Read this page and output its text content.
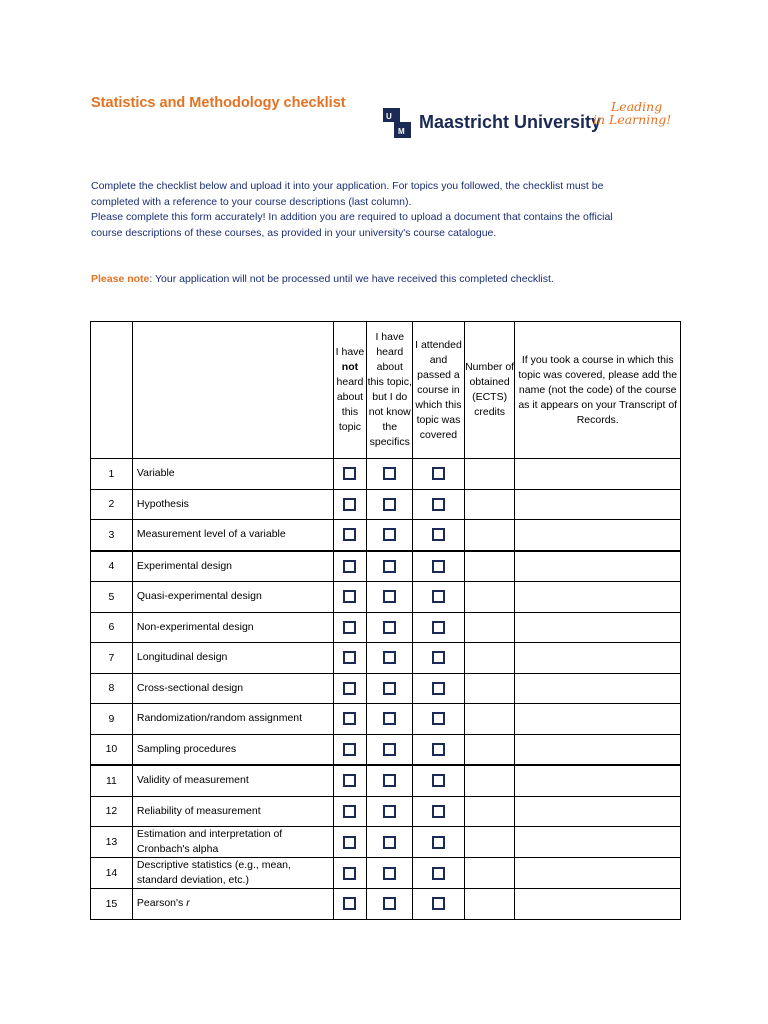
Statistics and Methodology checklist
U
M Maastricht University
Leading
in Learning!

Complete the checklist below and upload it into your application. For topics you followed, the checklist must be

completed with a reference to your course descriptions (last column).

Please complete this form accurately! In addition you are required to upload a document that contains the official

course descriptions of these courses, as provided in your university's course catalogue.

Please note: Your application will not be processed until we have received this completed checklist.
		I have not heard about this topic	I have heard about this topic, but I do not know the specifics	I attended and passed a course in which this topic was covered	Number of obtained (ECTS) credits	If you took a course in which this topic was covered, please add the name (not the code) of the course as it appears on your Transcript of Records.
1	Variable					
2	Hypothesis					
3	Measurement level of a variable					
4	Experimental design					
5	Quasi-experimental design					
6	Non-experimental design					
7	Longitudinal design					
8	Cross-sectional design					
9	Randomization/random assignment					
10	Sampling procedures					
11	Validity of measurement					
12	Reliability of measurement					
13	Estimation and interpretation of Cronbach's alpha					
14	Descriptive statistics (e.g., mean, standard deviation, etc.)					
15	Pearson's r					
